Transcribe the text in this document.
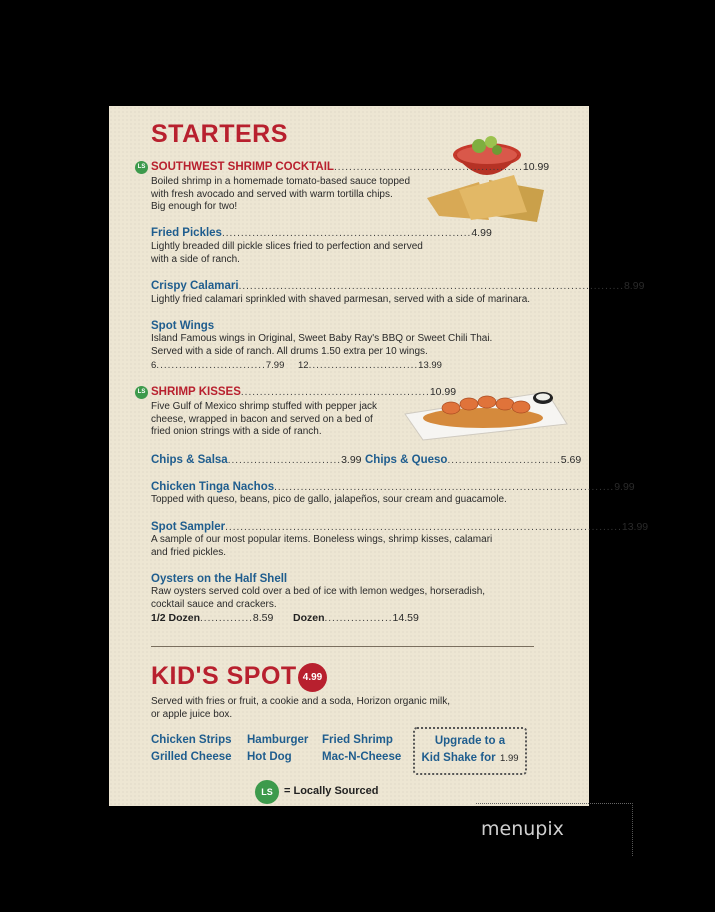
STARTERS
LS SOUTHWEST SHRIMP COCKTAIL .................................................. 10.99
Boiled shrimp in a homemade tomato-based sauce topped
with fresh avocado and served with warm tortilla chips.
Big enough for two!
Fried Pickles .................................................................. 4.99
Lightly breaded dill pickle slices fried to perfection and served
with a side of ranch.
Crispy Calamari ...................................................................................................... 8.99
Lightly fried calamari sprinkled with shaved parmesan, served with a side of marinara.
Spot Wings
Island Famous wings in Original, Sweet Baby Ray's BBQ or Sweet Chili Thai.
Served with a side of ranch. All drums 1.50 extra per 10 wings.
6 ............................. 7.99 12 ............................. 13.99
LS SHRIMP KISSES .................................................. 10.99
Five Gulf of Mexico shrimp stuffed with pepper jack
cheese, wrapped in bacon and served on a bed of
fried onion strings with a side of ranch.
Chips & Salsa .............................. 3.99 Chips & Queso .............................. 5.69
Chicken Tinga Nachos .......................................................................................... 9.99
Topped with queso, beans, pico de gallo, jalapeños, sour cream and guacamole.
Spot Sampler ......................................................................................................... 13.99
A sample of our most popular items. Boneless wings, shrimp kisses, calamari
and fried pickles.
Oysters on the Half Shell
Raw oysters served cold over a bed of ice with lemon wedges, horseradish,
cocktail sauce and crackers.
1/2 Dozen .............. 8.59 Dozen .................. 14.59
KID'S SPOT 4.99
Served with fries or fruit, a cookie and a soda, Horizon organic milk,
or apple juice box.
Chicken Strips Hamburger Fried Shrimp
Grilled Cheese Hot Dog	Mac-N-Cheese
Upgrade to a
Kid Shake for 1.99
LS	= Locally Sourced
menupix
